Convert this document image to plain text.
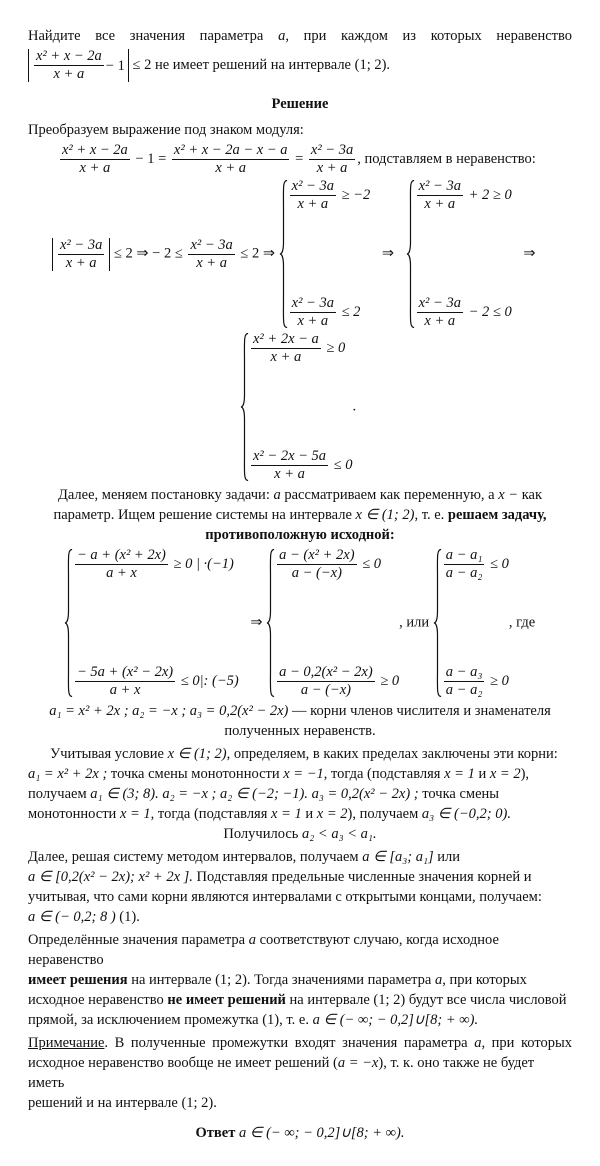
Найдите все значения параметра a, при каждом из которых неравенство
$\frac{\text{x² + x − 2a}}{x + a} - 1 \le 2$ не имеет решений на интервале (1; 2).
Решение
Преобразуем выражение под знаком модуля:
$\frac{\text{x² + x − 2a}}{x + a} - 1 = \frac{\text{x² + x − 2a − x − a}}{x + a} = \frac{\text{x² − 3a}}{x + a}$ , подставляем в неравенство:
$\frac{\text{x² − 3a}}{x + a} \le 2$ ⇒ − $2 \le \frac{\text{x² − 3a}}{x + a} \le 2$ ⇒
$\frac{\text{x² − 3a}}{x + a} \ge -2$
$\frac{\text{x² − 3a}}{x + a} \le 2$
⇒
$\frac{\text{x² − 3a}}{x + a} + 2 \ge 0$
$\frac{\text{x² − 3a}}{x + a} - 2 \le 0$
⇒
$\frac{\text{x² + 2x − a}}{x + a} \ge 0$
$\frac{\text{x² − 2x − 5a}}{x + a} \le 0$
.
Далее, меняем постановку задачи: a рассматриваем как переменную, а x − как
параметр. Ищем решение системы на интервале x ∈ (1; 2), т. е. решаем задачу,
противоположную исходной:
$\frac{\text{− a + (x² + 2x)}}{a + x} \ge 0$ | ·(−1)
$\frac{\text{− 5a + (x² − 2x)}}{a + x} \le 0|$: (−5)
⇒
$\frac{\text{a − (x² + 2x)}}{a - (-x)} \le 0$
$\frac{\text{a − 0,2(x² − 2x)}}{a - (-x)} \ge 0$
, или
$\frac{\text{a − a₁}}{\text{a − a₂}} \le 0$
$\frac{\text{a − a₃}}{\text{a − a₂}} \ge 0$
, где
a₁ = x² + 2x ; a₂ = −x ; a₃ = 0,2(x² − 2x) — корни членов числителя и знаменателя
полученных неравенств.
Учитывая условие x ∈ (1; 2), определяем, в каких пределах заключены эти корни:
a₁ = x² + 2x ; точка смены монотонности x = −1, тогда (подставляя x = 1 и x = 2),
получаем a₁ ∈ (3; 8). a₂ = −x ; a₂ ∈ (−2; −1). a₃ = 0,2(x² − 2x) ; точка смены
монотонности x = 1, тогда (подставляя x = 1 и x = 2), получаем a₃ ∈ (−0,2; 0).
Получилось a₂ < a₃ < a₁.
Далее, решая систему методом интервалов, получаем a ∈ [a₃; a₁] или
a ∈ [0,2(x² − 2x); x² + 2x ]. Подставляя предельные численные значения корней и
учитывая, что сами корни являются интервалами с открытыми концами, получаем:
a ∈ (− 0,2; 8 ) (1).
Определённые значения параметра a соответствуют случаю, когда исходное неравенство
имеет решения на интервале (1; 2). Тогда значениями параметра a, при которых
исходное неравенство не имеет решений на интервале (1; 2) будут все числа числовой
прямой, за исключением промежутка (1), т. е. a ∈ (− ∞; − 0,2]∪[8; + ∞).
Примечание. В полученные промежутки входят значения параметра a, при которых
исходное неравенство вообще не имеет решений (a = −x), т. к. оно также не будет иметь
решений и на интервале (1; 2).
Ответ a ∈ (− ∞; − 0,2]∪[8; + ∞).
